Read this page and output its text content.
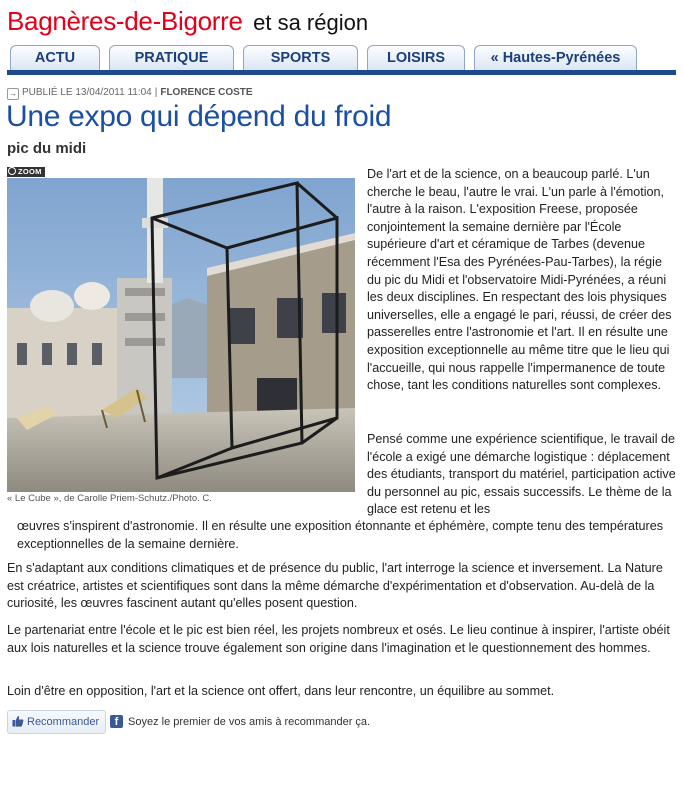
Bagnères-de-Bigorre et sa région
ACTU	PRATIQUE	SPORTS	LOISIRS	« Hautes-Pyrénées
→ PUBLIÉ LE 13/04/2011 11:04 | FLORENCE COSTE
Une expo qui dépend du froid
pic du midi
ZOOM
« Le Cube », de Carolle Priem-Schutz./Photo. C.

De l'art et de la science, on a beaucoup parlé. L'un cherche le beau, l'autre le vrai. L'un parle à l'émotion, l'autre à la raison. L'exposition Freese, proposée conjointement la semaine dernière par l'École supérieure d'art et céramique de Tarbes (devenue récemment l'Esa des Pyrénées-Pau-Tarbes), la régie du pic du Midi et l'observatoire Midi-Pyrénées, a réuni les deux disciplines. En respectant des lois physiques universelles, elle a engagé le pari, réussi, de créer des passerelles entre l'astronomie et l'art. Il en résulte une exposition exceptionnelle au même titre que le lieu qui l'accueille, qui nous rappelle l'impermanence de toute chose, tant les conditions naturelles sont complexes.

Pensé comme une expérience scientifique, le travail de l'école a exigé une démarche logistique : déplacement des étudiants, transport du matériel, participation active du personnel au pic, essais successifs. Le thème de la glace est retenu et les

œuvres s'inspirent d'astronomie. Il en résulte une exposition étonnante et éphémère, compte tenu des températures exceptionnelles de la semaine dernière.

En s'adaptant aux conditions climatiques et de présence du public, l'art interroge la science et inversement. La Nature est créatrice, artistes et scientifiques sont dans la même démarche d'expérimentation et d'observation. Au-delà de la curiosité, les œuvres fascinent autant qu'elles posent question.

Le partenariat entre l'école et le pic est bien réel, les projets nombreux et osés. Le lieu continue à inspirer, l'artiste obéit aux lois naturelles et la science trouve également son origine dans l'imagination et le questionnement des hommes.

Loin d'être en opposition, l'art et la science ont offert, dans leur rencontre, un équilibre au sommet.

Recommander	f Soyez le premier de vos amis à recommander ça.
